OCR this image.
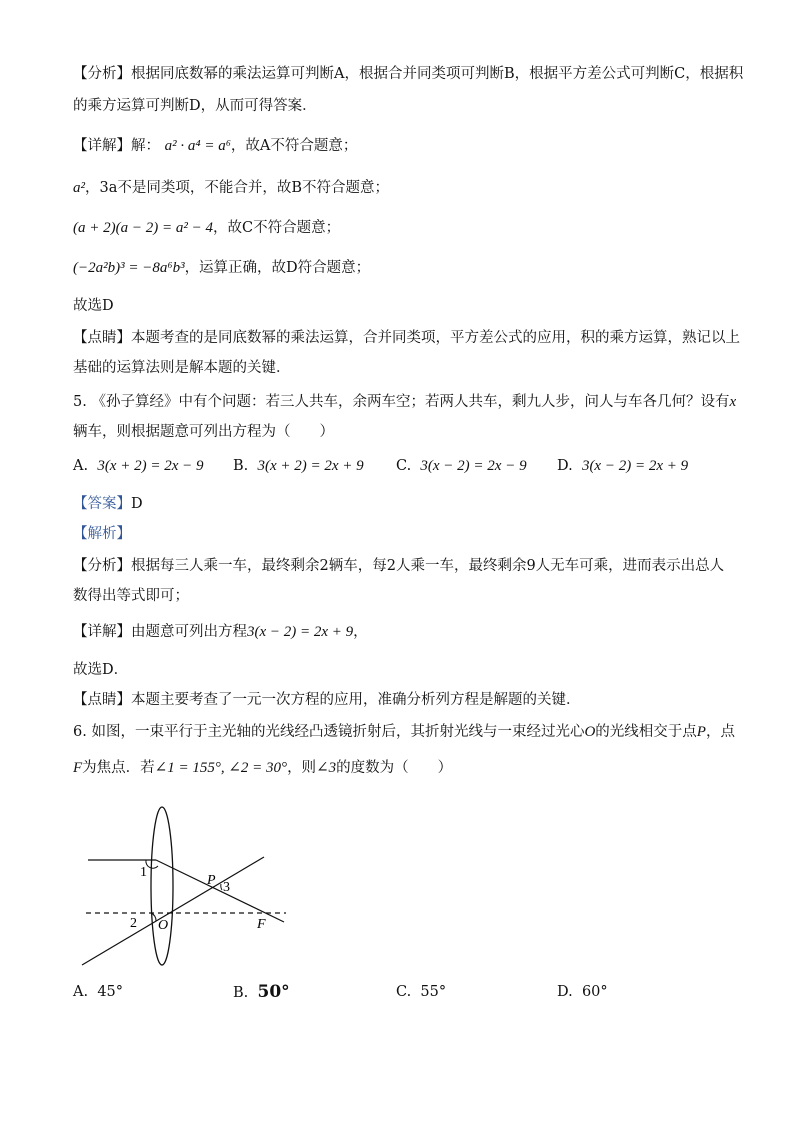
【分析】根据同底数幂的乘法运算可判断A，根据合并同类项可判断B，根据平方差公式可判断C，根据积
的乘方运算可判断D，从而可得答案．
【详解】解： a² · a⁴ = a⁶，故A不符合题意；
a²，3a不是同类项，不能合并，故B不符合题意；
(a + 2)(a − 2) = a² − 4，故C不符合题意；
(−2a²b)³ = −8a⁶b³，运算正确，故D符合题意；
故选D
【点睛】本题考查的是同底数幂的乘法运算，合并同类项，平方差公式的应用，积的乘方运算，熟记以上
基础的运算法则是解本题的关键．
5. 《孙子算经》中有个问题：若三人共车，余两车空；若两人共车，剩九人步，问人与车各几何？设有x
辆车，则根据题意可列出方程为（　　）
A. 3(x + 2) = 2x − 9 B. 3(x + 2) = 2x + 9 C. 3(x − 2) = 2x − 9 D. 3(x − 2) = 2x + 9
【答案】D
【解析】
【分析】根据每三人乘一车，最终剩余2辆车，每2人乘一车，最终剩余9人无车可乘，进而表示出总人
数得出等式即可；
【详解】由题意可列出方程3(x − 2) = 2x + 9，
故选D．
【点睛】本题主要考查了一元一次方程的应用，准确分析列方程是解题的关键．
6. 如图，一束平行于主光轴的光线经凸透镜折射后，其折射光线与一束经过光心O的光线相交于点P，点
F为焦点．若∠1 = 155°, ∠2 = 30°，则∠3的度数为（　　）
1
2
3
O
P
F
A. 45°	B. 50°	C. 55°	D. 60°
